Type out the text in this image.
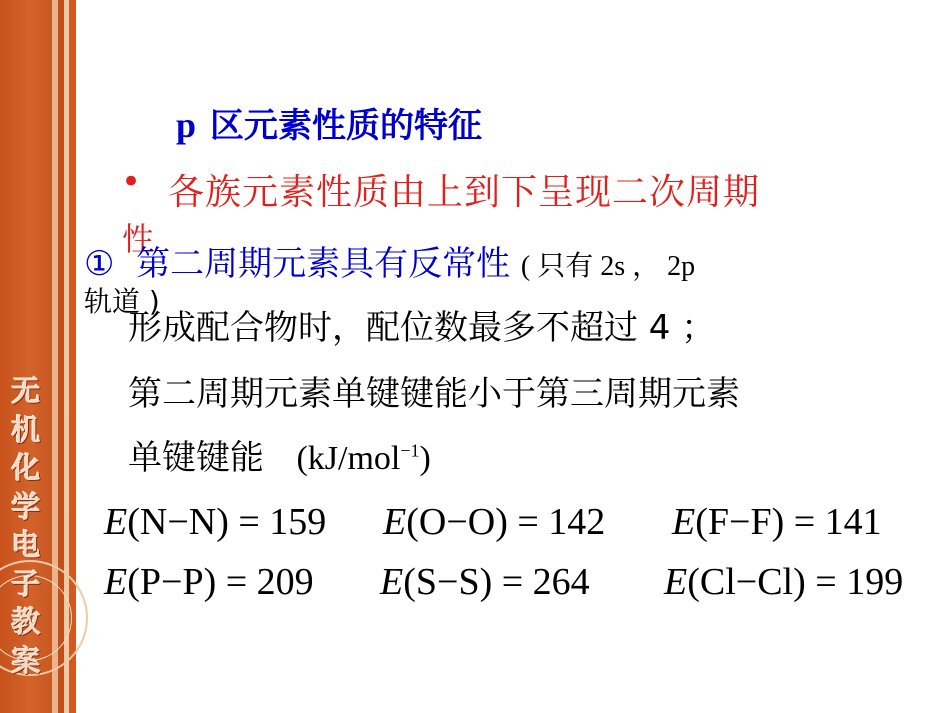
无
机
化
学
电
子
教
案
p 区元素性质的特征
• 各族元素性质由上到下呈现二次周期
性
① 第二周期元素具有反常性 ( 只有 2s ， 2p
轨道 )
形成配合物时，配位数最多不超过 4 ；
第二周期元素单键键能小于第三周期元素
单键键能 (kJ/mol$^{-1}$)
E(N−N) = 159 E(O−O) = 142 E(F−F) = 141
E(P−P) = 209 E(S−S) = 264 E(Cl−Cl) = 199
